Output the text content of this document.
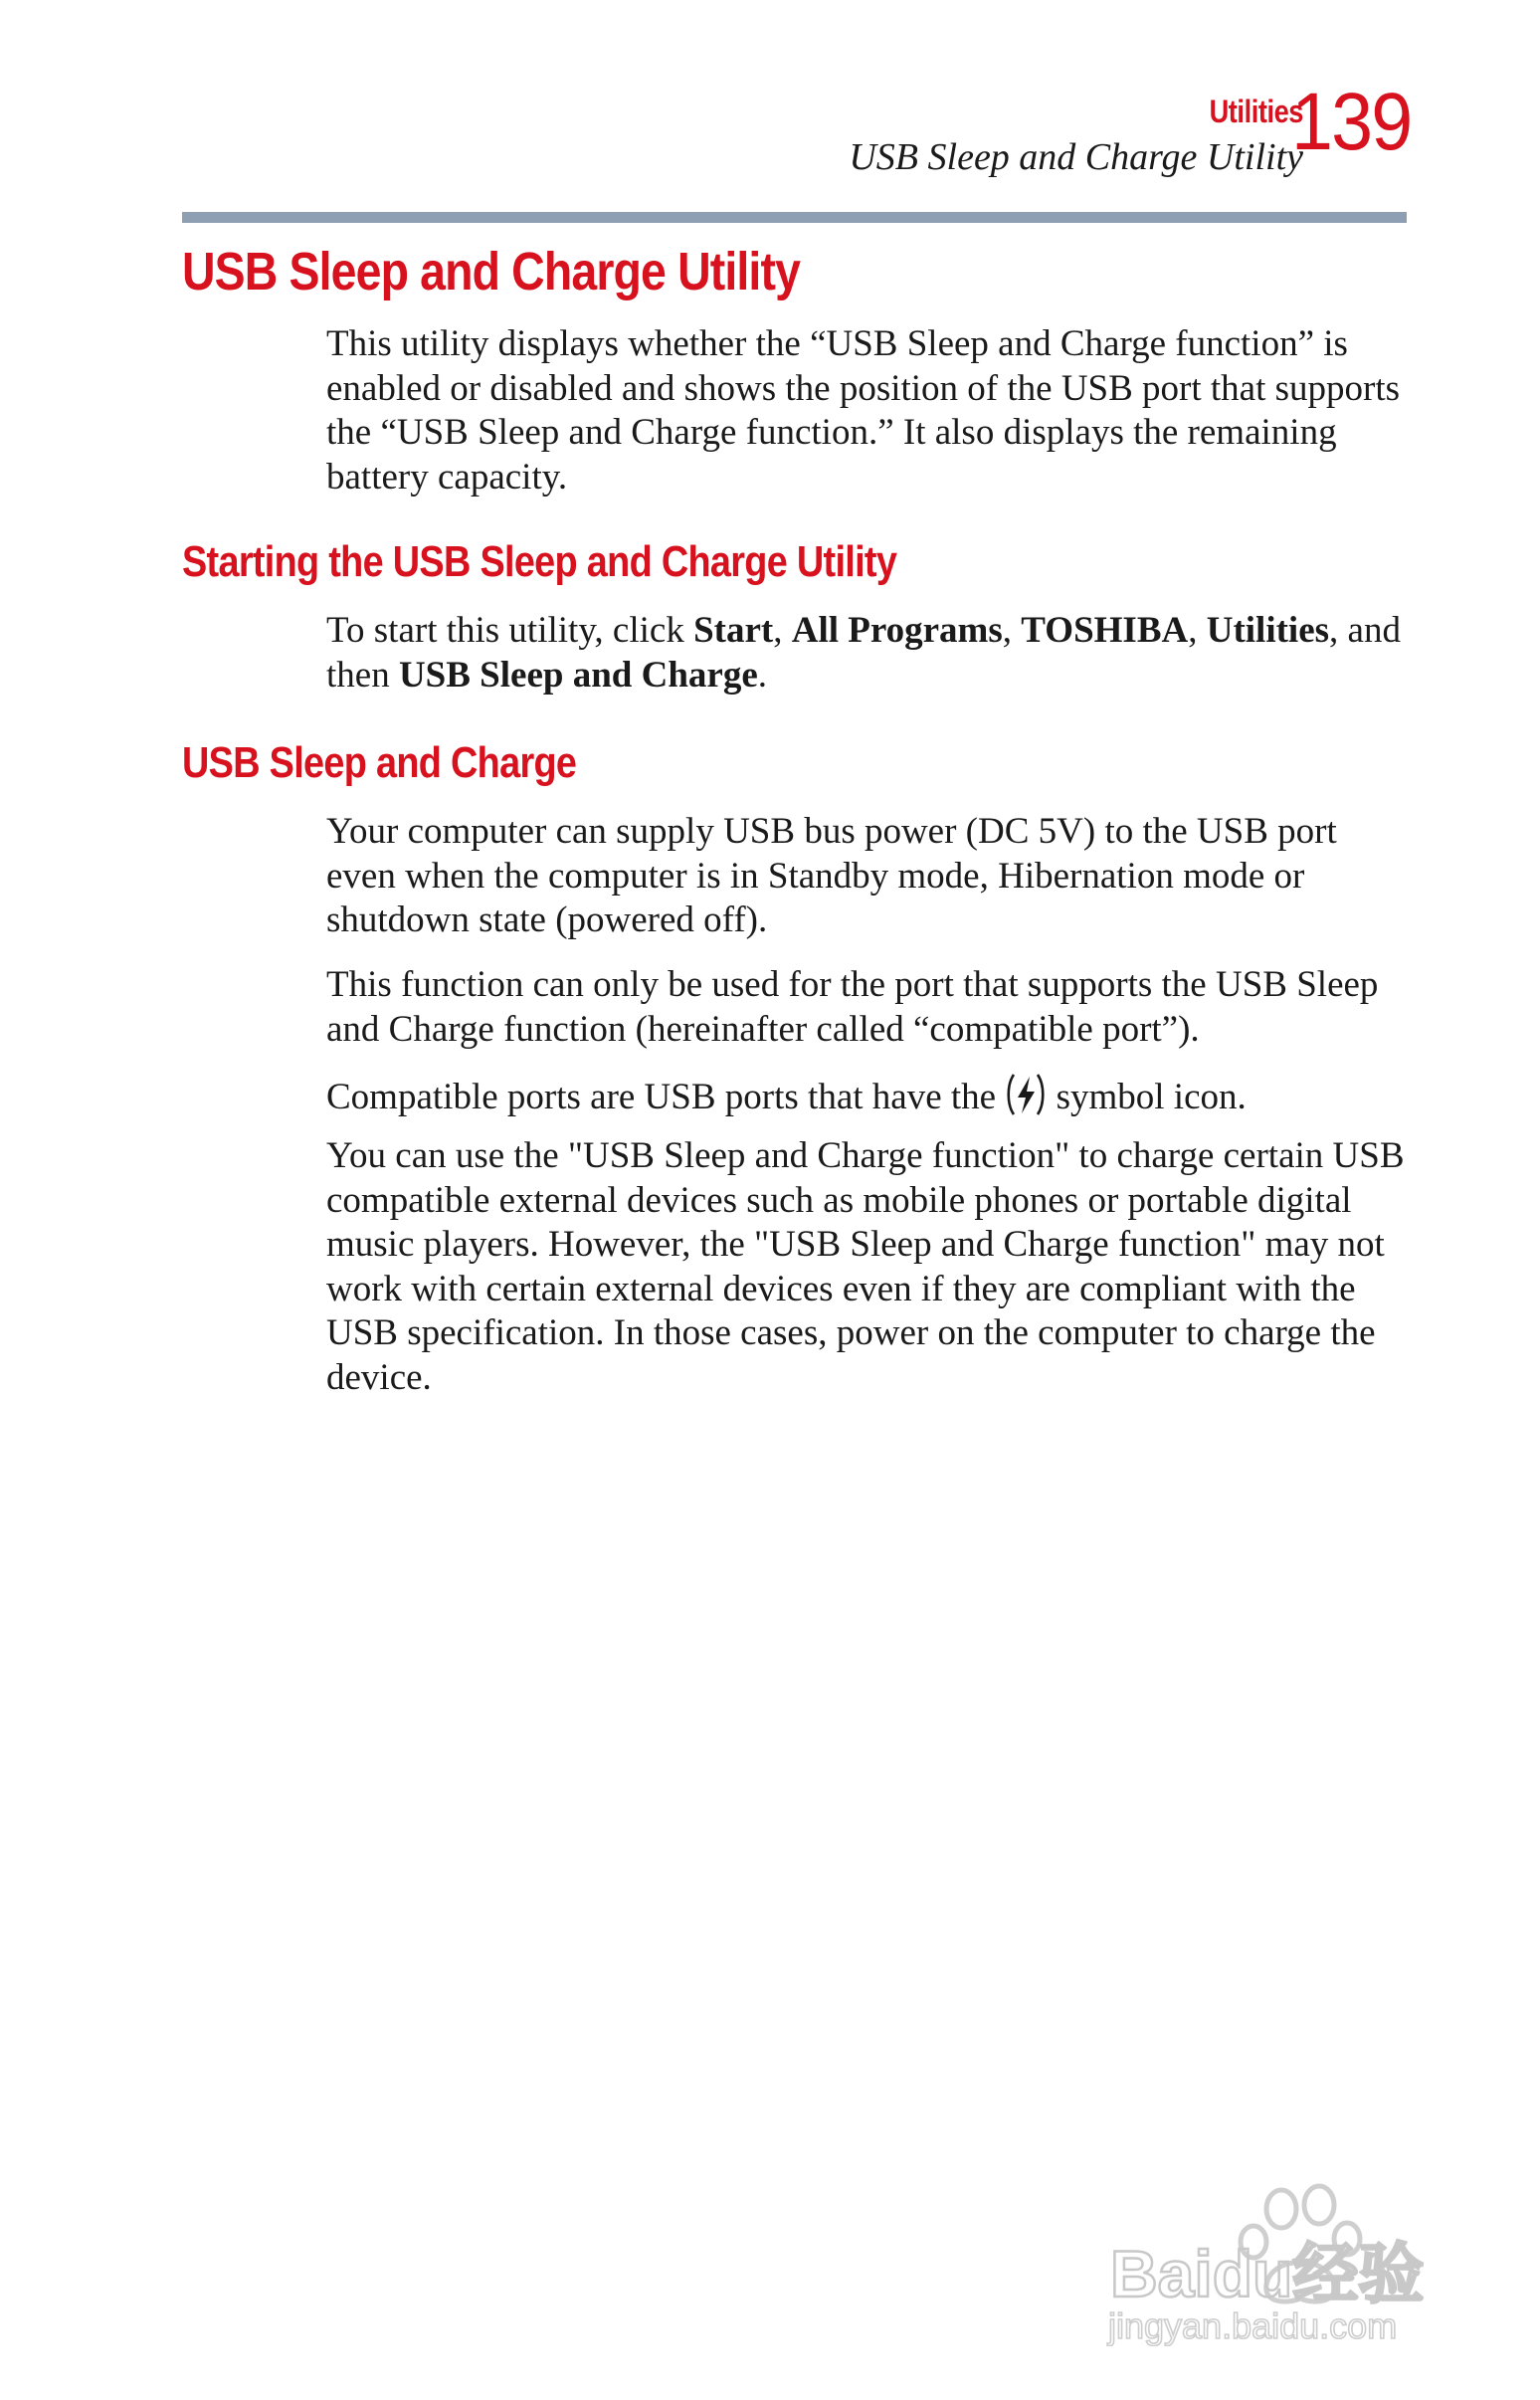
Utilities
USB Sleep and Charge Utility
139
USB Sleep and Charge Utility

This utility displays whether the “USB Sleep and Charge function” is enabled or disabled and shows the position of the USB port that supports the “USB Sleep and Charge function.” It also displays the remaining battery capacity.

Starting the USB Sleep and Charge Utility

To start this utility, click Start, All Programs, TOSHIBA, Utilities, and then USB Sleep and Charge.

USB Sleep and Charge

Your computer can supply USB bus power (DC 5V) to the USB port even when the computer is in Standby mode, Hibernation mode or shutdown state (powered off).

This function can only be used for the port that supports the USB Sleep and Charge function (hereinafter called “compatible port”).

Compatible ports are USB ports that have the  symbol icon.

You can use the "USB Sleep and Charge function" to charge certain USB compatible external devices such as mobile phones or portable digital music players. However, the "USB Sleep and Charge function" may not work with certain external devices even if they are compliant with the USB specification. In those cases, power on the computer to charge the device.

Baidu经验
jingyan.baidu.com
